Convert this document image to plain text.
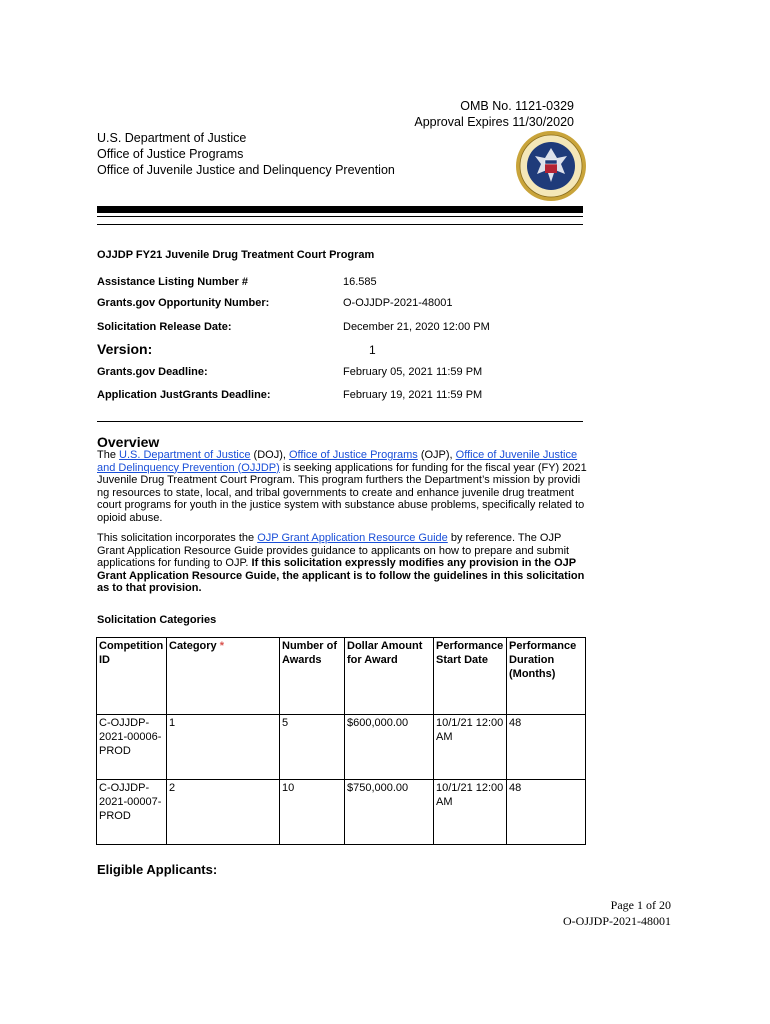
OMB No. 1121-0329
Approval Expires 11/30/2020
U.S. Department of Justice
Office of Justice Programs
Office of Juvenile Justice and Delinquency Prevention
OJJDP FY21 Juvenile Drug Treatment Court Program
Assistance Listing Number #	16.585
Grants.gov Opportunity Number:	O-OJJDP-2021-48001
Solicitation Release Date:	December 21, 2020 12:00 PM
Version:	1
Grants.gov Deadline:	February 05, 2021 11:59 PM
Application JustGrants Deadline:	February 19, 2021 11:59 PM
Overview
The U.S. Department of Justice (DOJ), Office of Justice Programs (OJP), Office of Juvenile Justice and Delinquency Prevention (OJJDP) is seeking applications for funding for the fiscal year (FY) 2021 Juvenile Drug Treatment Court Program. This program furthers the Department’s mission by providi ng resources to state, local, and tribal governments to create and enhance juvenile drug treatment court programs for youth in the justice system with substance abuse problems, specifically related to opioid abuse.
This solicitation incorporates the OJP Grant Application Resource Guide by reference. The OJP Grant Application Resource Guide provides guidance to applicants on how to prepare and submit applications for funding to OJP. If this solicitation expressly modifies any provision in the OJP Grant Application Resource Guide, the applicant is to follow the guidelines in this solicitation as to that provision.
Solicitation Categories
Competition ID	Category *	Number of Awards	Dollar Amount for Award	Performance Start Date	Performance Duration (Months)
C-OJJDP-2021-00006-PROD	1	5	$600,000.00	10/1/21 12:00 AM	48
C-OJJDP-2021-00007-PROD	2	10	$750,000.00	10/1/21 12:00 AM	48
Eligible Applicants:
Page 1 of 20
O-OJJDP-2021-48001
